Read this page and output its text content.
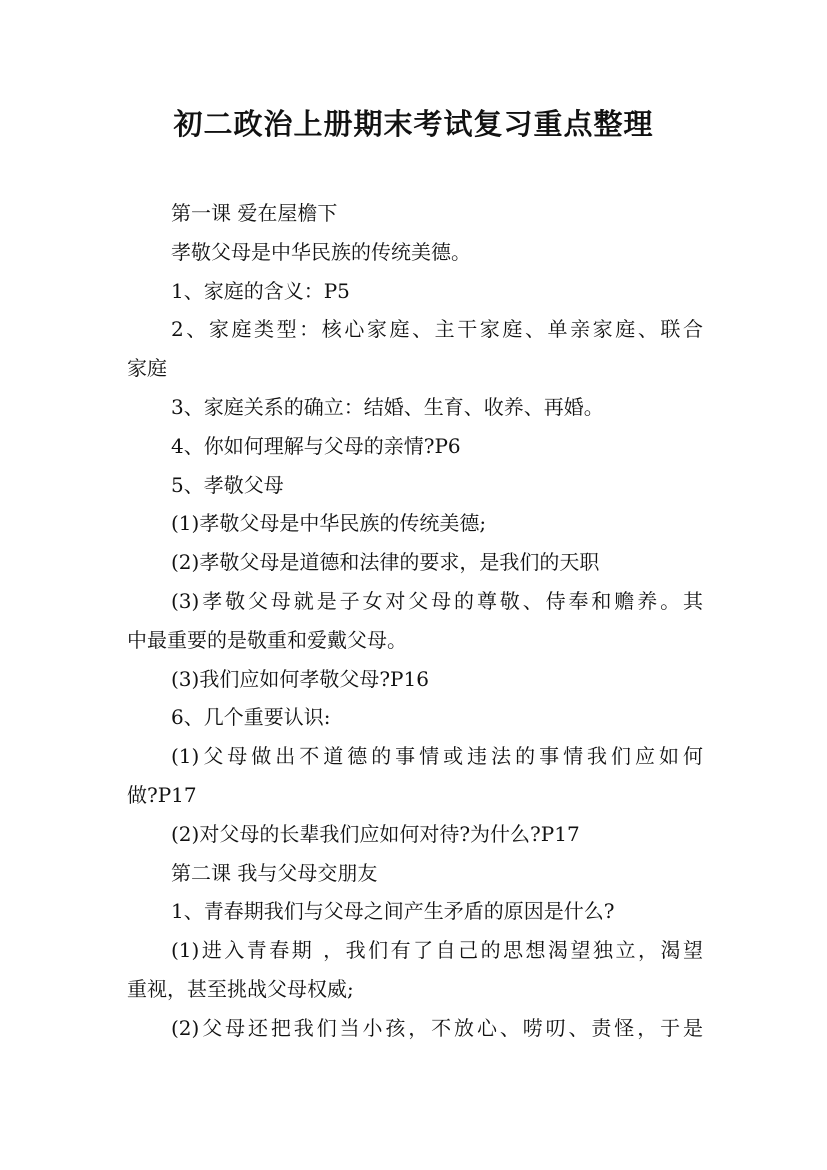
初二政治上册期末考试复习重点整理
第一课 爱在屋檐下
孝敬父母是中华民族的传统美德。
1、家庭的含义：P5
2、家庭类型：核心家庭、主干家庭、单亲家庭、联合
家庭
3、家庭关系的确立：结婚、生育、收养、再婚。
4、你如何理解与父母的亲情?P6
5、孝敬父母
(1)孝敬父母是中华民族的传统美德;
(2)孝敬父母是道德和法律的要求，是我们的天职
(3)孝敬父母就是子女对父母的尊敬、侍奉和赡养。其
中最重要的是敬重和爱戴父母。
(3)我们应如何孝敬父母?P16
6、几个重要认识:
(1)父母做出不道德的事情或违法的事情我们应如何
做?P17
(2)对父母的长辈我们应如何对待?为什么?P17
第二课 我与父母交朋友
1、青春期我们与父母之间产生矛盾的原因是什么?
(1)进入青春期 ，我们有了自己的思想渴望独立，渴望
重视，甚至挑战父母权威;
(2)父母还把我们当小孩，不放心、唠叨、责怪，于是
